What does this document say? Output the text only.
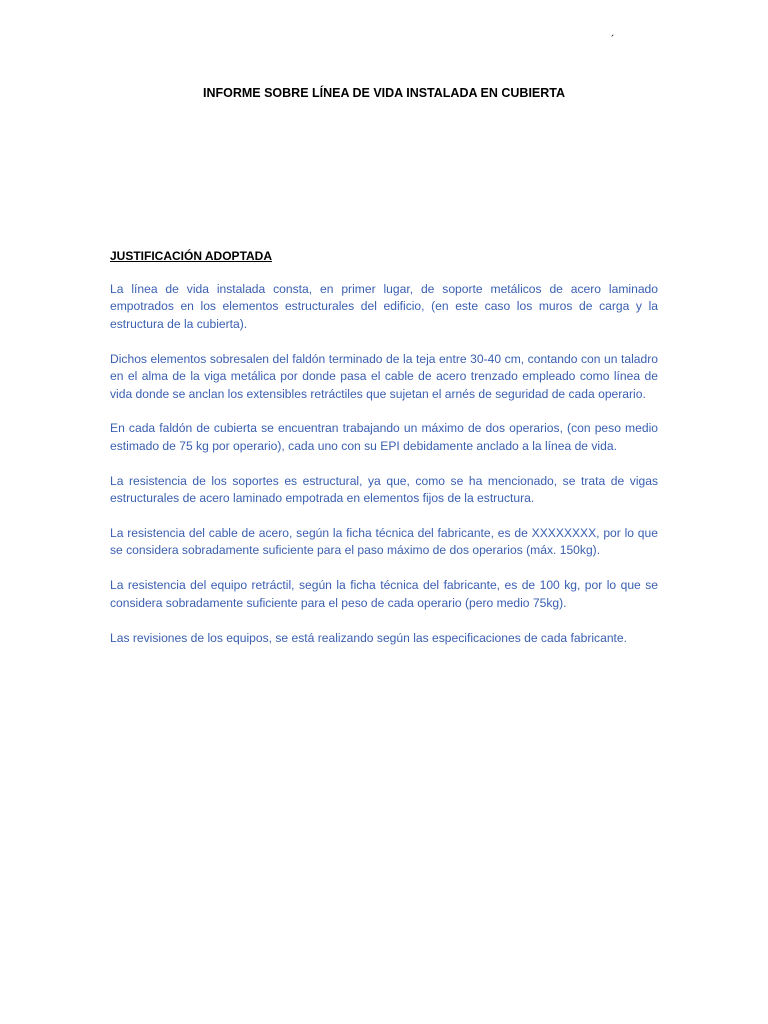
´
INFORME SOBRE LÍNEA DE VIDA INSTALADA EN CUBIERTA
JUSTIFICACIÓN ADOPTADA

La línea de vida instalada consta, en primer lugar, de soporte metálicos de acero laminado empotrados en los elementos estructurales del edificio, (en este caso los muros de carga y la estructura de la cubierta).

Dichos elementos sobresalen del faldón terminado de la teja entre 30-40 cm, contando con un taladro en el alma de la viga metálica por donde pasa el cable de acero trenzado empleado como línea de vida donde se anclan los extensibles retráctiles que sujetan el arnés de seguridad de cada operario.

En cada faldón de cubierta se encuentran trabajando un máximo de dos operarios, (con peso medio estimado de 75 kg por operario), cada uno con su EPI debidamente anclado a la línea de vida.

La resistencia de los soportes es estructural, ya que, como se ha mencionado, se trata de vigas estructurales de acero laminado empotrada en elementos fijos de la estructura.

La resistencia del cable de acero, según la ficha técnica del fabricante, es de XXXXXXXX, por lo que se considera sobradamente suficiente para el paso máximo de dos operarios (máx. 150kg).

La resistencia del equipo retráctil, según la ficha técnica del fabricante, es de 100 kg, por lo que se considera sobradamente suficiente para el peso de cada operario (pero medio 75kg).

Las revisiones de los equipos, se está realizando según las especificaciones de cada fabricante.
